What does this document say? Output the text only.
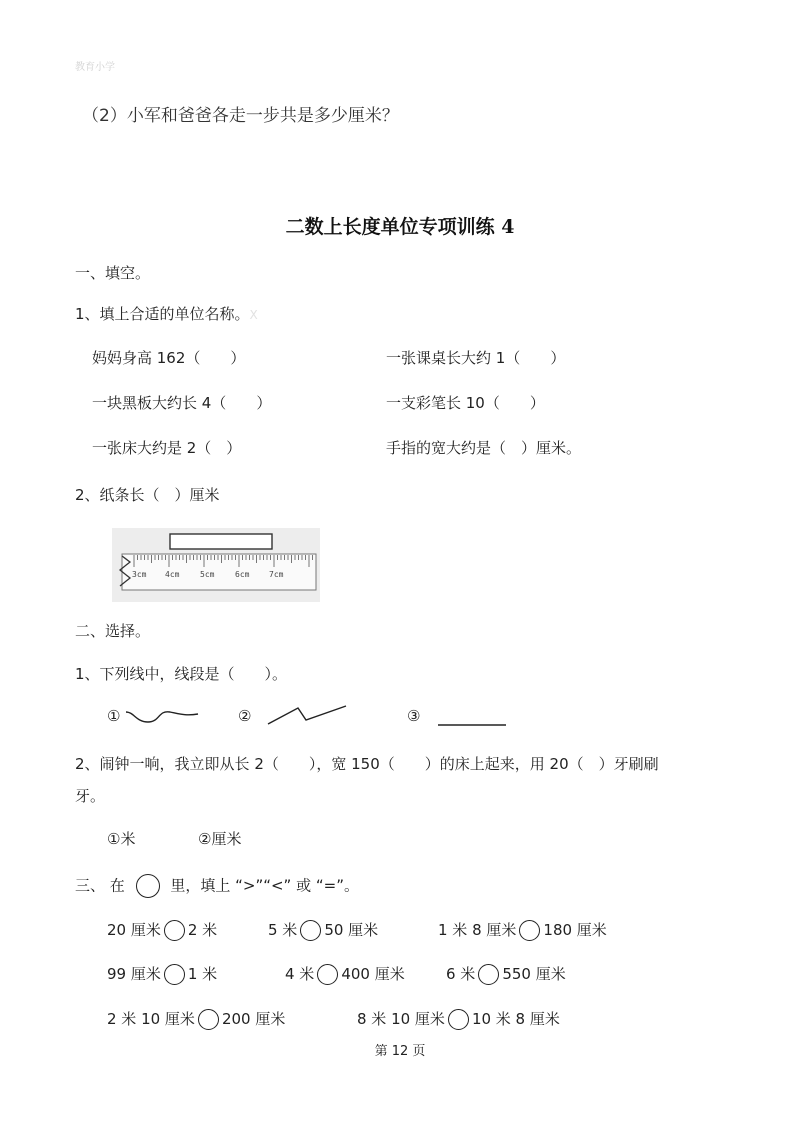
教育小学
（2）小军和爸爸各走一步共是多少厘米？
二数上长度单位专项训练 4
一、填空。
1、填上合适的单位名称。X
妈妈身高 162（　　）	一张课桌长大约 1（　　）
一块黑板大约长 4（　　）	一支彩笔长 10（　　）
一张床大约是 2（　）	手指的宽大约是（　）厘米。
2、纸条长（　）厘米
3cm 4cm	5cm	6cm 7cm
二、选择。
1、下列线中，线段是（　　）。
①	②	③
2、闹钟一响，我立即从长 2（　　），宽 150（　　）的床上起来，用 20（　）牙刷刷
牙。
①米	②厘米
三、 在	里，填上 “>”“<” 或 “=”。
20 厘米 2 米	5 米 50 厘米	1 米 8 厘米 180 厘米
99 厘米 1 米	4 米 400 厘米	6 米 550 厘米
2 米 10 厘米 200 厘米	8 米 10 厘米 10 米 8 厘米
第 12 页
